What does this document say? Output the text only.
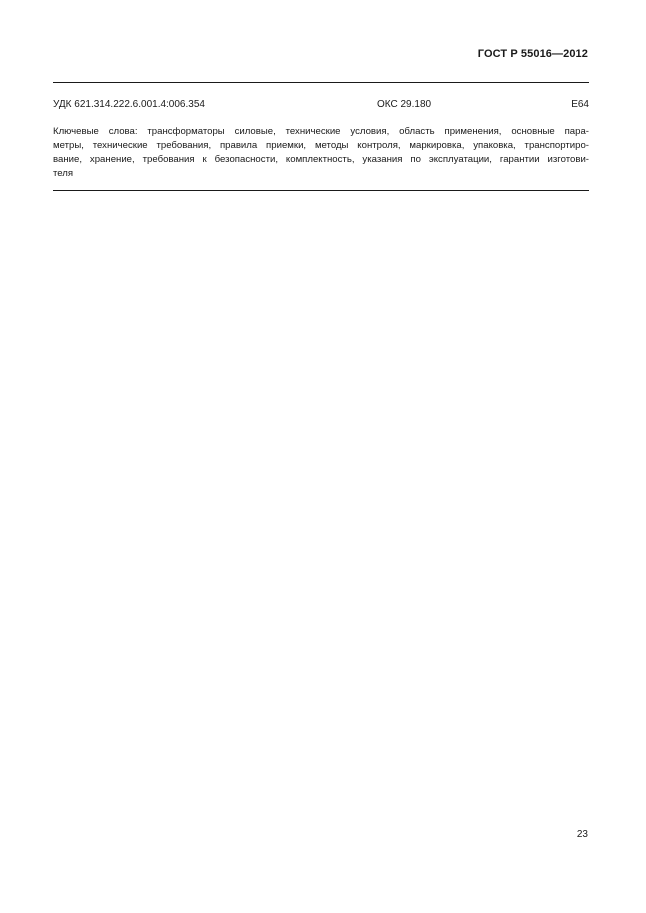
ГОСТ Р 55016—2012
УДК 621.314.222.6.001.4:006.354	ОКС 29.180	Е64
Ключевые слова: трансформаторы силовые, технические условия, область применения, основные пара-
метры, технические требования, правила приемки, методы контроля, маркировка, упаковка, транспортиро-
вание, хранение, требования к безопасности, комплектность, указания по эксплуатации, гарантии изготови-
теля
23
